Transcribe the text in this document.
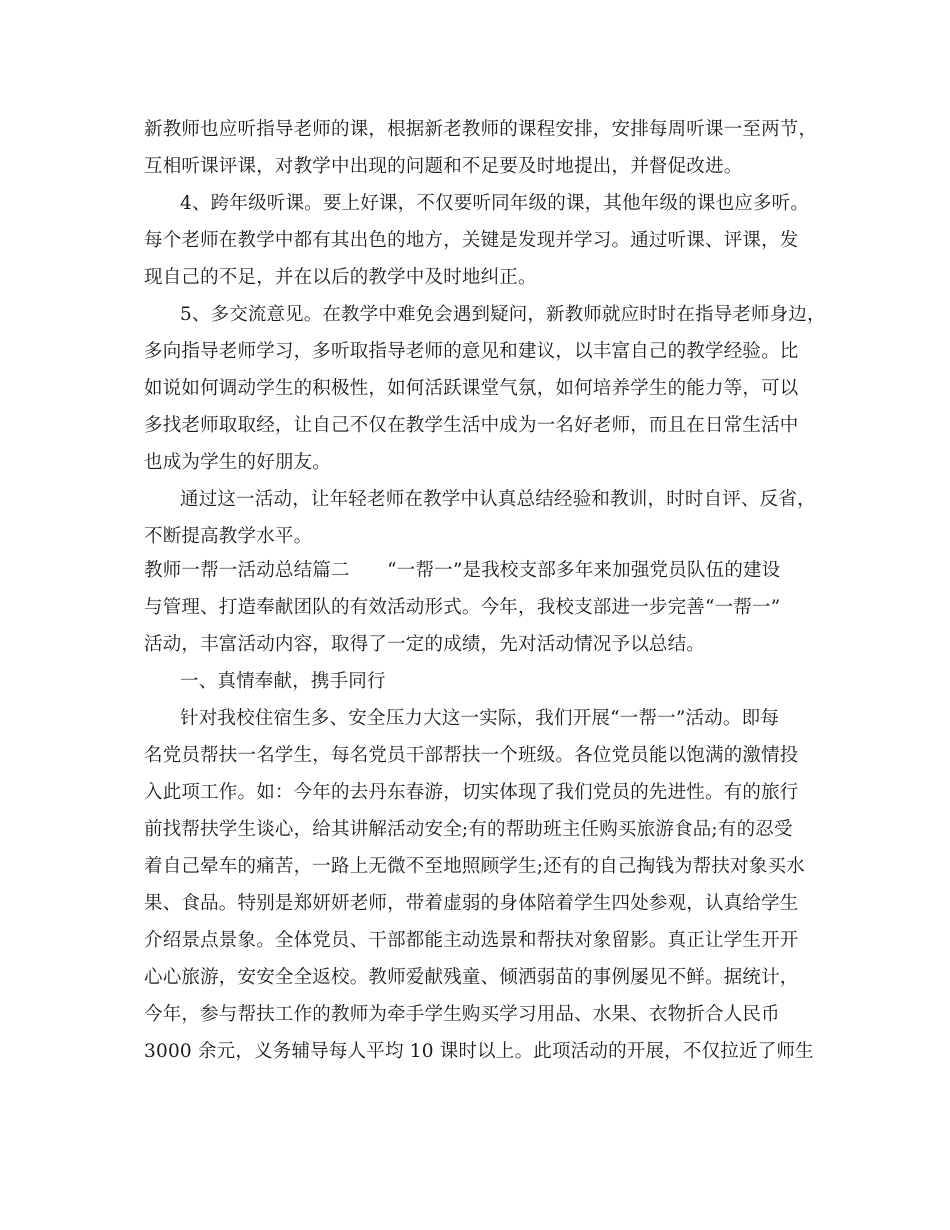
新教师也应听指导老师的课，根据新老教师的课程安排，安排每周听课一至两节，
互相听课评课，对教学中出现的问题和不足要及时地提出，并督促改进。
4、跨年级听课。要上好课，不仅要听同年级的课，其他年级的课也应多听。
每个老师在教学中都有其出色的地方，关键是发现并学习。通过听课、评课，发
现自己的不足，并在以后的教学中及时地纠正。
5、多交流意见。在教学中难免会遇到疑问，新教师就应时时在指导老师身边，
多向指导老师学习，多听取指导老师的意见和建议，以丰富自己的教学经验。比
如说如何调动学生的积极性，如何活跃课堂气氛，如何培养学生的能力等，可以
多找老师取取经，让自己不仅在教学生活中成为一名好老师，而且在日常生活中
也成为学生的好朋友。
通过这一活动，让年轻老师在教学中认真总结经验和教训，时时自评、反省，
不断提高教学水平。
教师一帮一活动总结篇二　　“一帮一”是我校支部多年来加强党员队伍的建设
与管理、打造奉献团队的有效活动形式。今年，我校支部进一步完善“一帮一”
活动，丰富活动内容，取得了一定的成绩，先对活动情况予以总结。
一、真情奉献，携手同行
针对我校住宿生多、安全压力大这一实际，我们开展“一帮一”活动。即每
名党员帮扶一名学生，每名党员干部帮扶一个班级。各位党员能以饱满的激情投
入此项工作。如：今年的去丹东春游，切实体现了我们党员的先进性。有的旅行
前找帮扶学生谈心，给其讲解活动安全;有的帮助班主任购买旅游食品;有的忍受
着自己晕车的痛苦，一路上无微不至地照顾学生;还有的自己掏钱为帮扶对象买水
果、食品。特别是郑妍妍老师，带着虚弱的身体陪着学生四处参观，认真给学生
介绍景点景象。全体党员、干部都能主动选景和帮扶对象留影。真正让学生开开
心心旅游，安安全全返校。教师爱献残童、倾洒弱苗的事例屡见不鲜。据统计，
今年，参与帮扶工作的教师为牵手学生购买学习用品、水果、衣物折合人民币
3000 余元，义务辅导每人平均 10 课时以上。此项活动的开展，不仅拉近了师生
